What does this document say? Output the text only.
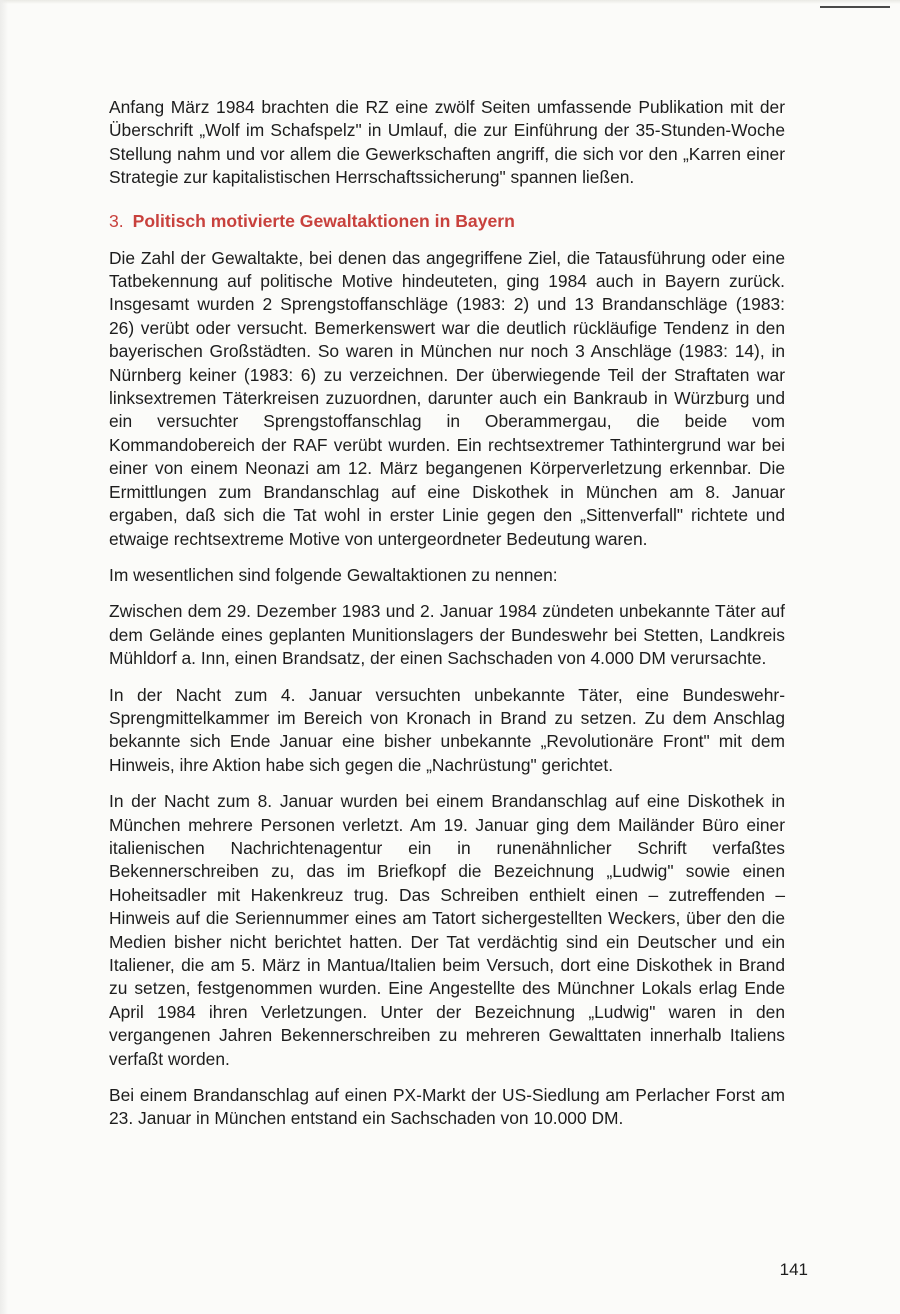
Anfang März 1984 brachten die RZ eine zwölf Seiten umfassende Publikation mit der Überschrift „Wolf im Schafspelz" in Umlauf, die zur Einführung der 35-Stunden-Woche Stellung nahm und vor allem die Gewerkschaften angriff, die sich vor den „Karren einer Strategie zur kapitalistischen Herrschaftssicherung" spannen ließen.

3. Politisch motivierte Gewaltaktionen in Bayern

Die Zahl der Gewaltakte, bei denen das angegriffene Ziel, die Tatausführung oder eine Tatbekennung auf politische Motive hindeuteten, ging 1984 auch in Bayern zurück. Insgesamt wurden 2 Sprengstoffanschläge (1983: 2) und 13 Brandanschläge (1983: 26) verübt oder versucht. Bemerkenswert war die deutlich rückläufige Tendenz in den bayerischen Großstädten. So waren in München nur noch 3 Anschläge (1983: 14), in Nürnberg keiner (1983: 6) zu verzeichnen. Der überwiegende Teil der Straftaten war linksextremen Täterkreisen zuzuordnen, darunter auch ein Bankraub in Würzburg und ein versuchter Sprengstoffanschlag in Oberammergau, die beide vom Kommandobereich der RAF verübt wurden. Ein rechtsextremer Tathintergrund war bei einer von einem Neonazi am 12. März begangenen Körperverletzung erkennbar. Die Ermittlungen zum Brandanschlag auf eine Diskothek in München am 8. Januar ergaben, daß sich die Tat wohl in erster Linie gegen den „Sittenverfall" richtete und etwaige rechtsextreme Motive von untergeordneter Bedeutung waren.

Im wesentlichen sind folgende Gewaltaktionen zu nennen:

Zwischen dem 29. Dezember 1983 und 2. Januar 1984 zündeten unbekannte Täter auf dem Gelände eines geplanten Munitionslagers der Bundeswehr bei Stetten, Landkreis Mühldorf a. Inn, einen Brandsatz, der einen Sachschaden von 4.000 DM verursachte.

In der Nacht zum 4. Januar versuchten unbekannte Täter, eine Bundeswehr-Sprengmittelkammer im Bereich von Kronach in Brand zu setzen. Zu dem Anschlag bekannte sich Ende Januar eine bisher unbekannte „Revolutionäre Front" mit dem Hinweis, ihre Aktion habe sich gegen die „Nachrüstung" gerichtet.

In der Nacht zum 8. Januar wurden bei einem Brandanschlag auf eine Diskothek in München mehrere Personen verletzt. Am 19. Januar ging dem Mailänder Büro einer italienischen Nachrichtenagentur ein in runenähnlicher Schrift verfaßtes Bekennerschreiben zu, das im Briefkopf die Bezeichnung „Ludwig" sowie einen Hoheitsadler mit Hakenkreuz trug. Das Schreiben enthielt einen – zutreffenden – Hinweis auf die Seriennummer eines am Tatort sichergestellten Weckers, über den die Medien bisher nicht berichtet hatten. Der Tat verdächtig sind ein Deutscher und ein Italiener, die am 5. März in Mantua/Italien beim Versuch, dort eine Diskothek in Brand zu setzen, festgenommen wurden. Eine Angestellte des Münchner Lokals erlag Ende April 1984 ihren Verletzungen. Unter der Bezeichnung „Ludwig" waren in den vergangenen Jahren Bekennerschreiben zu mehreren Gewalttaten innerhalb Italiens verfaßt worden.

Bei einem Brandanschlag auf einen PX-Markt der US-Siedlung am Perlacher Forst am 23. Januar in München entstand ein Sachschaden von 10.000 DM.

141
